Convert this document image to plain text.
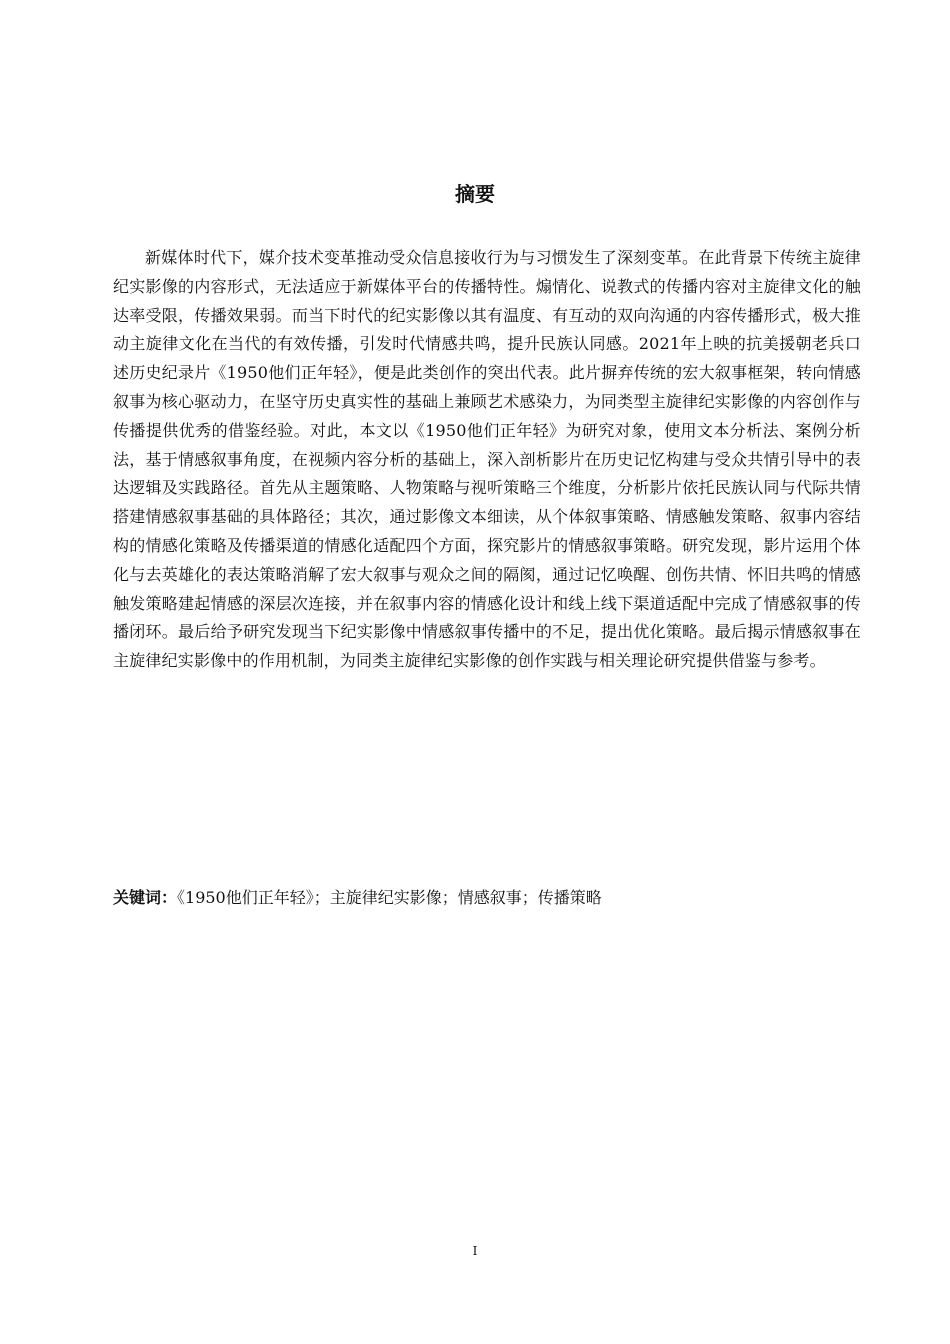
摘要

新媒体时代下，媒介技术变革推动受众信息接收行为与习惯发生了深刻变革。在此背景下传统主旋律纪实影像的内容形式，无法适应于新媒体平台的传播特性。煽情化、说教式的传播内容对主旋律文化的触达率受限，传播效果弱。而当下时代的纪实影像以其有温度、有互动的双向沟通的内容传播形式，极大推动主旋律文化在当代的有效传播，引发时代情感共鸣，提升民族认同感。2021年上映的抗美援朝老兵口述历史纪录片《1950他们正年轻》，便是此类创作的突出代表。此片摒弃传统的宏大叙事框架，转向情感叙事为核心驱动力，在坚守历史真实性的基础上兼顾艺术感染力，为同类型主旋律纪实影像的内容创作与传播提供优秀的借鉴经验。对此，本文以《1950他们正年轻》为研究对象，使用文本分析法、案例分析法，基于情感叙事角度，在视频内容分析的基础上，深入剖析影片在历史记忆构建与受众共情引导中的表达逻辑及实践路径。首先从主题策略、人物策略与视听策略三个维度，分析影片依托民族认同与代际共情搭建情感叙事基础的具体路径；其次，通过影像文本细读，从个体叙事策略、情感触发策略、叙事内容结构的情感化策略及传播渠道的情感化适配四个方面，探究影片的情感叙事策略。研究发现，影片运用个体化与去英雄化的表达策略消解了宏大叙事与观众之间的隔阂，通过记忆唤醒、创伤共情、怀旧共鸣的情感触发策略建起情感的深层次连接，并在叙事内容的情感化设计和线上线下渠道适配中完成了情感叙事的传播闭环。最后给予研究发现当下纪实影像中情感叙事传播中的不足，提出优化策略。最后揭示情感叙事在主旋律纪实影像中的作用机制，为同类主旋律纪实影像的创作实践与相关理论研究提供借鉴与参考。

关键词：《1950他们正年轻》；主旋律纪实影像；情感叙事；传播策略

I
